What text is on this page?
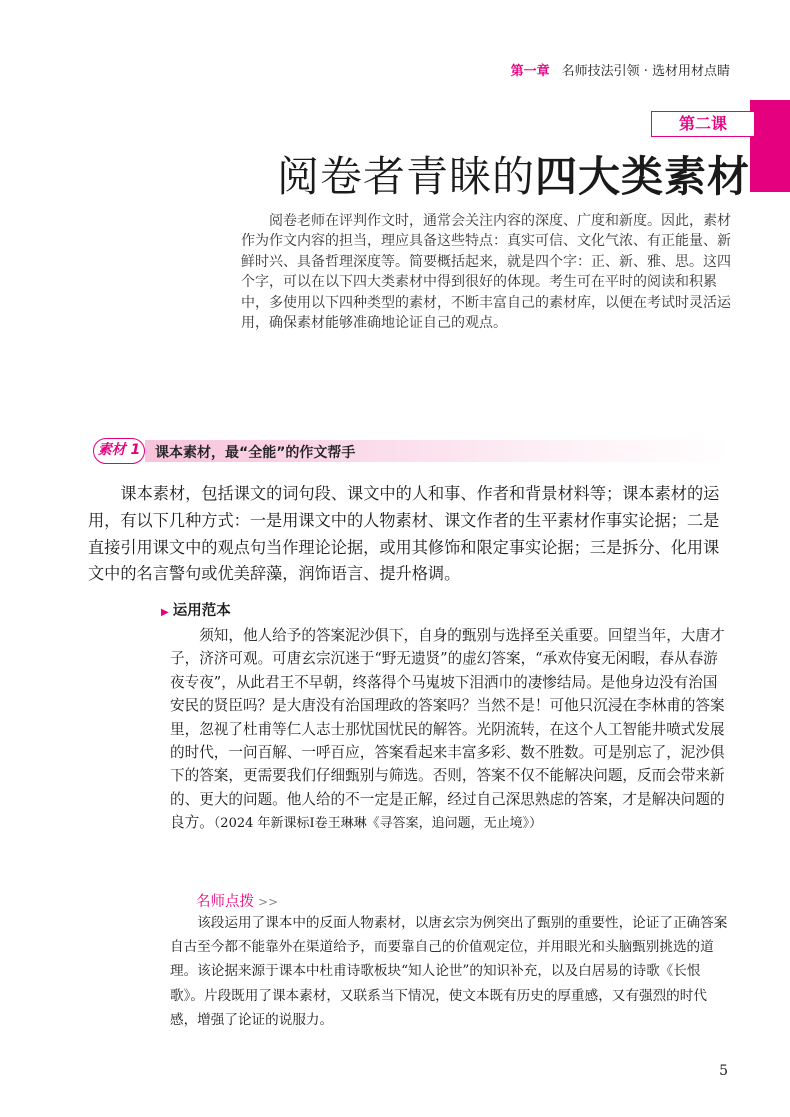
第一章 名师技法引领 · 选材用材点睛
第二课
阅卷者青睐的四大类素材

阅卷老师在评判作文时，通常会关注内容的深度、广度和新度。因此，素材作为作文内容的担当，理应具备这些特点：真实可信、文化气浓、有正能量、新鲜时兴、具备哲理深度等。简要概括起来，就是四个字：正、新、雅、思。这四个字，可以在以下四大类素材中得到很好的体现。考生可在平时的阅读和积累中，多使用以下四种类型的素材，不断丰富自己的素材库，以便在考试时灵活运用，确保素材能够准确地论证自己的观点。

素材 1	课本素材，最“全能”的作文帮手

课本素材，包括课文的词句段、课文中的人和事、作者和背景材料等；课本素材的运用，有以下几种方式：一是用课文中的人物素材、课文作者的生平素材作事实论据；二是直接引用课文中的观点句当作理论论据，或用其修饰和限定事实论据；三是拆分、化用课文中的名言警句或优美辞藻，润饰语言、提升格调。

▶ 运用范本

须知，他人给予的答案泥沙俱下，自身的甄别与选择至关重要。回望当年，大唐才子，济济可观。可唐玄宗沉迷于“野无遗贤”的虚幻答案，“承欢侍宴无闲暇，春从春游夜专夜”，从此君王不早朝，终落得个马嵬坡下泪洒巾的凄惨结局。是他身边没有治国安民的贤臣吗？是大唐没有治国理政的答案吗？当然不是！可他只沉浸在李林甫的答案里，忽视了杜甫等仁人志士那忧国忧民的解答。光阴流转，在这个人工智能井喷式发展的时代，一问百解、一呼百应，答案看起来丰富多彩、数不胜数。可是别忘了，泥沙俱下的答案，更需要我们仔细甄别与筛选。否则，答案不仅不能解决问题，反而会带来新的、更大的问题。他人给的不一定是正解，经过自己深思熟虑的答案，才是解决问题的良方。（2024 年新课标Ⅰ卷王琳琳《寻答案，追问题，无止境》）

名师点拨 >>

该段运用了课本中的反面人物素材，以唐玄宗为例突出了甄别的重要性，论证了正确答案自古至今都不能靠外在渠道给予，而要靠自己的价值观定位，并用眼光和头脑甄别挑选的道理。该论据来源于课本中杜甫诗歌板块“知人论世”的知识补充，以及白居易的诗歌《长恨歌》。片段既用了课本素材，又联系当下情况，使文本既有历史的厚重感，又有强烈的时代感，增强了论证的说服力。

5
